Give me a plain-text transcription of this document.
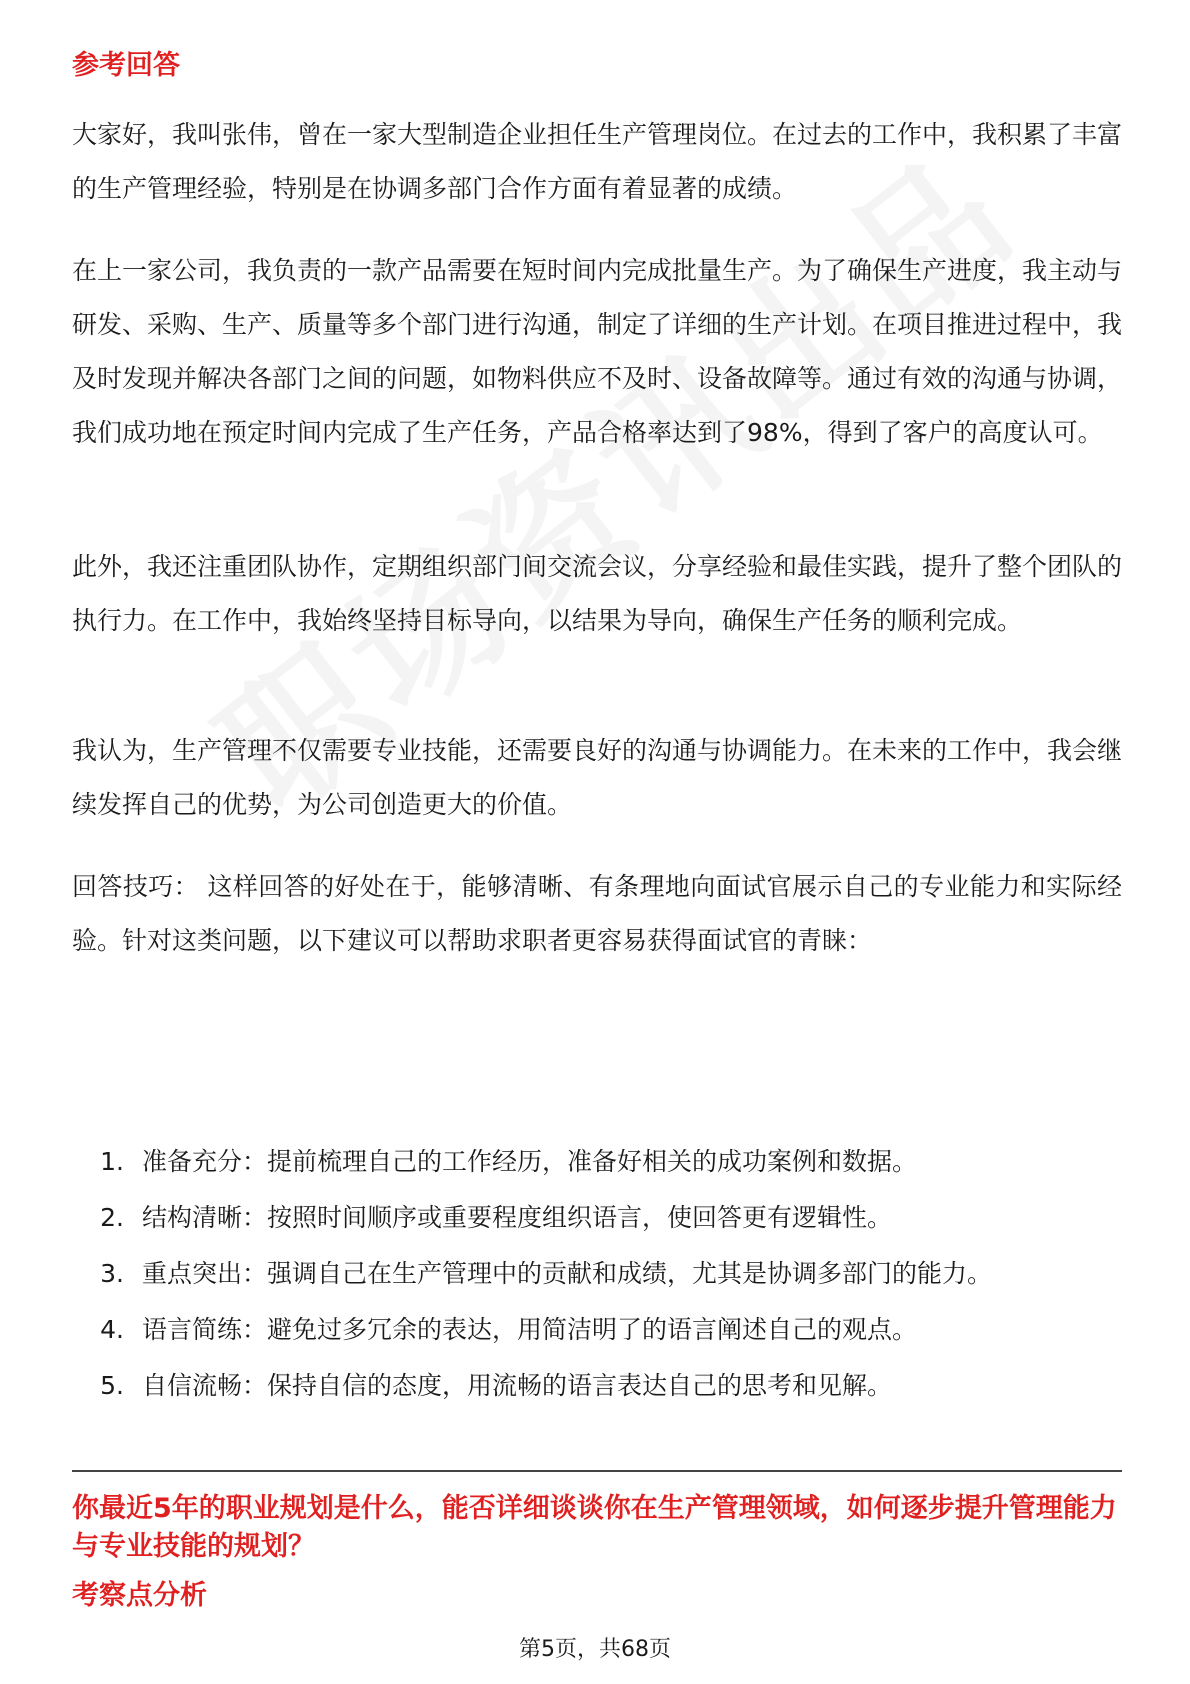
参考回答

大家好，我叫张伟，曾在一家大型制造企业担任生产管理岗位。在过去的工作中，我积累了丰富的生产管理经验，特别是在协调多部门合作方面有着显著的成绩。

在上一家公司，我负责的一款产品需要在短时间内完成批量生产。为了确保生产进度，我主动与研发、采购、生产、质量等多个部门进行沟通，制定了详细的生产计划。在项目推进过程中，我及时发现并解决各部门之间的问题，如物料供应不及时、设备故障等。通过有效的沟通与协调，我们成功地在预定时间内完成了生产任务，产品合格率达到了98%，得到了客户的高度认可。

此外，我还注重团队协作，定期组织部门间交流会议，分享经验和最佳实践，提升了整个团队的执行力。在工作中，我始终坚持目标导向，以结果为导向，确保生产任务的顺利完成。

我认为，生产管理不仅需要专业技能，还需要良好的沟通与协调能力。在未来的工作中，我会继续发挥自己的优势，为公司创造更大的价值。

回答技巧： 这样回答的好处在于，能够清晰、有条理地向面试官展示自己的专业能力和实际经验。针对这类问题，以下建议可以帮助求职者更容易获得面试官的青睐：

1. 准备充分：提前梳理自己的工作经历，准备好相关的成功案例和数据。
2. 结构清晰：按照时间顺序或重要程度组织语言，使回答更有逻辑性。
3. 重点突出：强调自己在生产管理中的贡献和成绩，尤其是协调多部门的能力。
4. 语言简练：避免过多冗余的表达，用简洁明了的语言阐述自己的观点。
5. 自信流畅：保持自信的态度，用流畅的语言表达自己的思考和见解。
你最近5年的职业规划是什么，能否详细谈谈你在生产管理领域，如何逐步提升管理能力与专业技能的规划？
考察点分析
第5页，共68页
